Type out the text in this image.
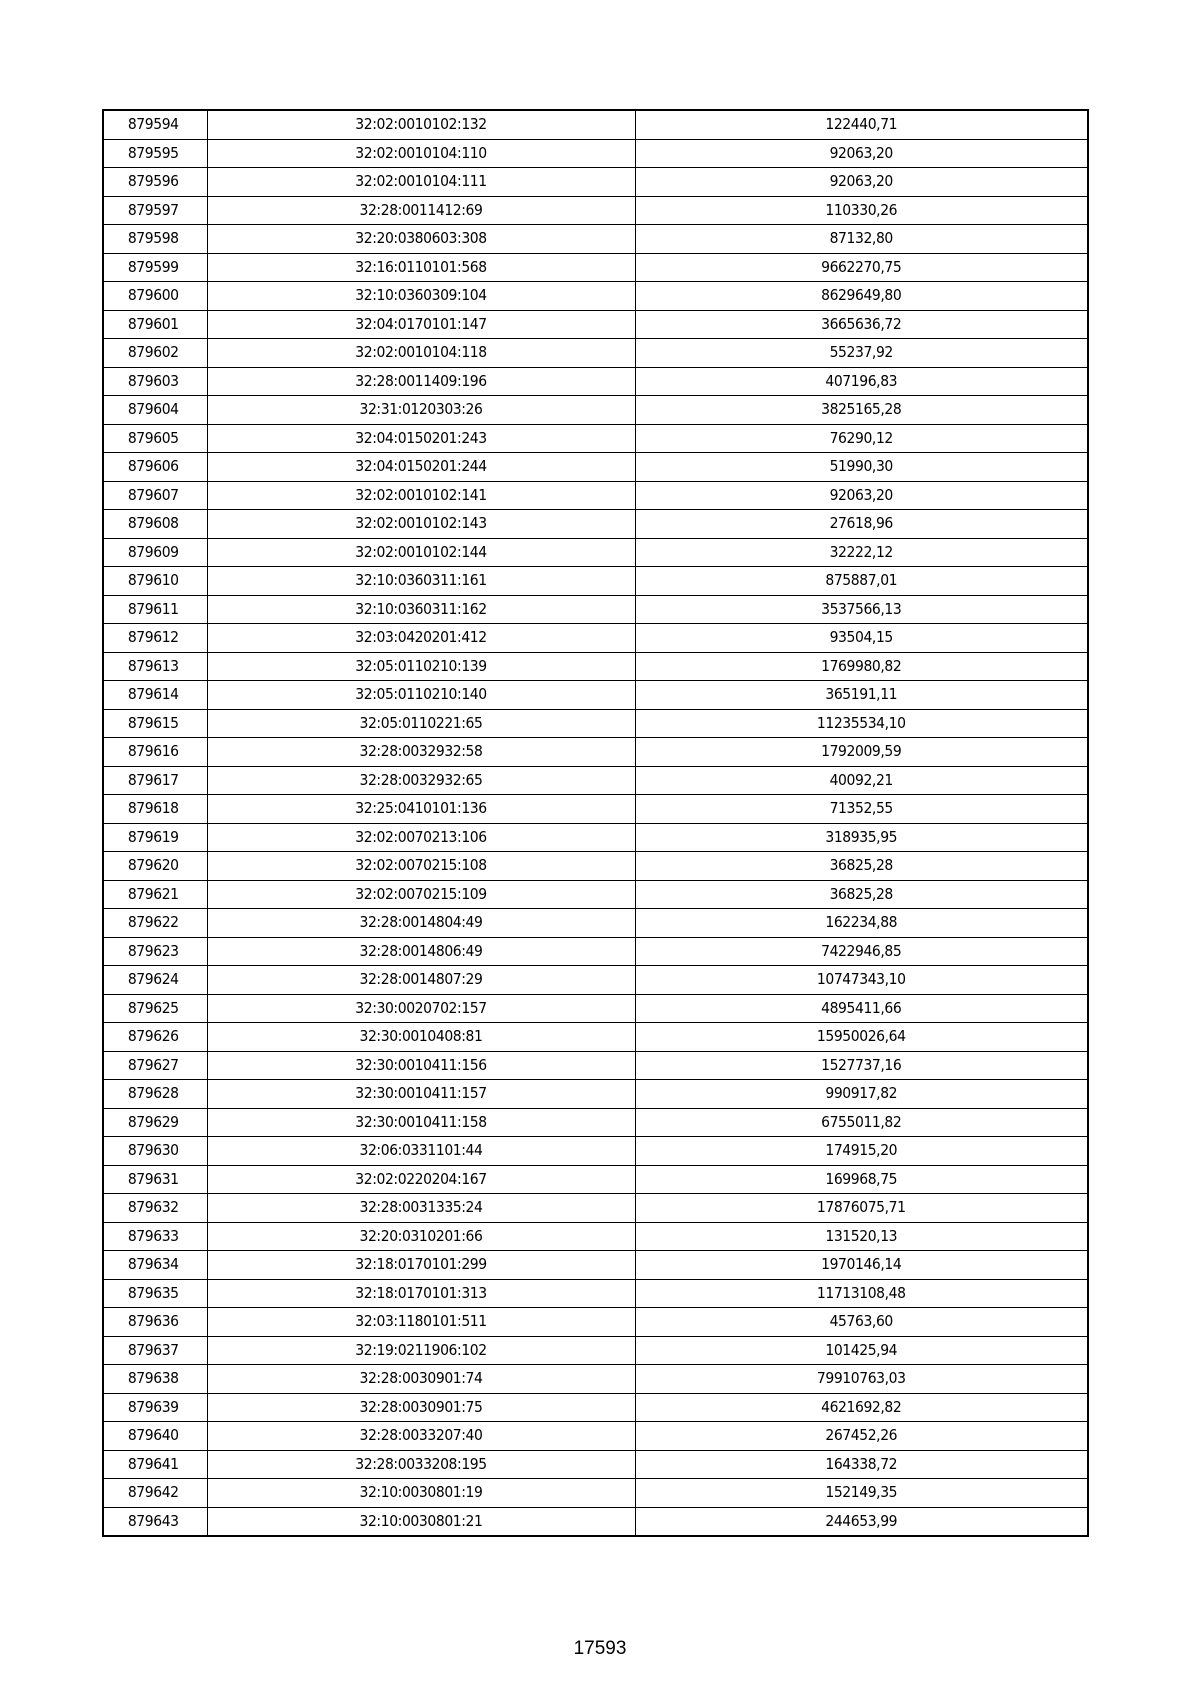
879594	32:02:0010102:132	122440,71
879595	32:02:0010104:110	92063,20
879596	32:02:0010104:111	92063,20
879597	32:28:0011412:69	110330,26
879598	32:20:0380603:308	87132,80
879599	32:16:0110101:568	9662270,75
879600	32:10:0360309:104	8629649,80
879601	32:04:0170101:147	3665636,72
879602	32:02:0010104:118	55237,92
879603	32:28:0011409:196	407196,83
879604	32:31:0120303:26	3825165,28
879605	32:04:0150201:243	76290,12
879606	32:04:0150201:244	51990,30
879607	32:02:0010102:141	92063,20
879608	32:02:0010102:143	27618,96
879609	32:02:0010102:144	32222,12
879610	32:10:0360311:161	875887,01
879611	32:10:0360311:162	3537566,13
879612	32:03:0420201:412	93504,15
879613	32:05:0110210:139	1769980,82
879614	32:05:0110210:140	365191,11
879615	32:05:0110221:65	11235534,10
879616	32:28:0032932:58	1792009,59
879617	32:28:0032932:65	40092,21
879618	32:25:0410101:136	71352,55
879619	32:02:0070213:106	318935,95
879620	32:02:0070215:108	36825,28
879621	32:02:0070215:109	36825,28
879622	32:28:0014804:49	162234,88
879623	32:28:0014806:49	7422946,85
879624	32:28:0014807:29	10747343,10
879625	32:30:0020702:157	4895411,66
879626	32:30:0010408:81	15950026,64
879627	32:30:0010411:156	1527737,16
879628	32:30:0010411:157	990917,82
879629	32:30:0010411:158	6755011,82
879630	32:06:0331101:44	174915,20
879631	32:02:0220204:167	169968,75
879632	32:28:0031335:24	17876075,71
879633	32:20:0310201:66	131520,13
879634	32:18:0170101:299	1970146,14
879635	32:18:0170101:313	11713108,48
879636	32:03:1180101:511	45763,60
879637	32:19:0211906:102	101425,94
879638	32:28:0030901:74	79910763,03
879639	32:28:0030901:75	4621692,82
879640	32:28:0033207:40	267452,26
879641	32:28:0033208:195	164338,72
879642	32:10:0030801:19	152149,35
879643	32:10:0030801:21	244653,99
17593
